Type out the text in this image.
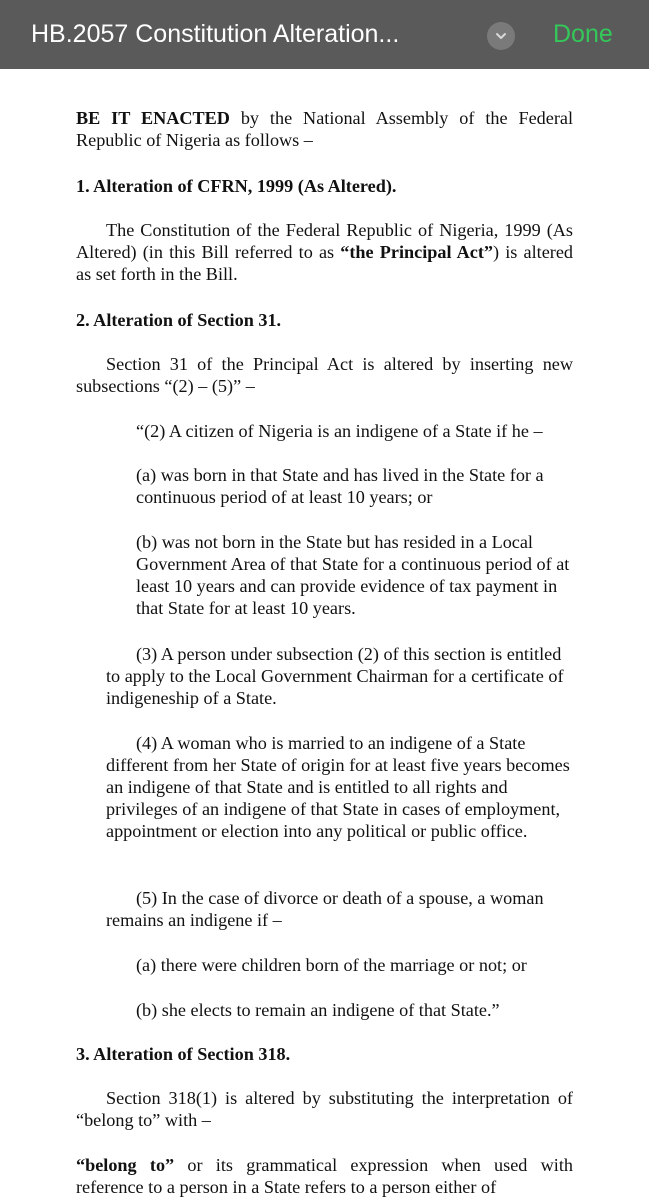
HB.2057 Constitution Alteration...	Done

BE IT ENACTED by the National Assembly of the Federal Republic of Nigeria as follows –

1. Alteration of CFRN, 1999 (As Altered).

The Constitution of the Federal Republic of Nigeria, 1999 (As Altered) (in this Bill referred to as “the Principal Act”) is altered as set forth in the Bill.

2. Alteration of Section 31.

Section 31 of the Principal Act is altered by inserting new subsections “(2) – (5)” –

“(2) A citizen of Nigeria is an indigene of a State if he –

(a) was born in that State and has lived in the State for a continuous period of at least 10 years; or

(b) was not born in the State but has resided in a Local Government Area of that State for a continuous period of at least 10 years and can provide evidence of tax payment in that State for at least 10 years.

(3) A person under subsection (2) of this section is entitled to apply to the Local Government Chairman for a certificate of indigeneship of a State.

(4) A woman who is married to an indigene of a State different from her State of origin for at least five years becomes an indigene of that State and is entitled to all rights and privileges of an indigene of that State in cases of employment, appointment or election into any political or public office.

(5) In the case of divorce or death of a spouse, a woman remains an indigene if –

(a) there were children born of the marriage or not; or

(b) she elects to remain an indigene of that State.”

3. Alteration of Section 318.

Section 318(1) is altered by substituting the interpretation of “belong to” with –

“belong to” or its grammatical expression when used with reference to a person in a State refers to a person either of
